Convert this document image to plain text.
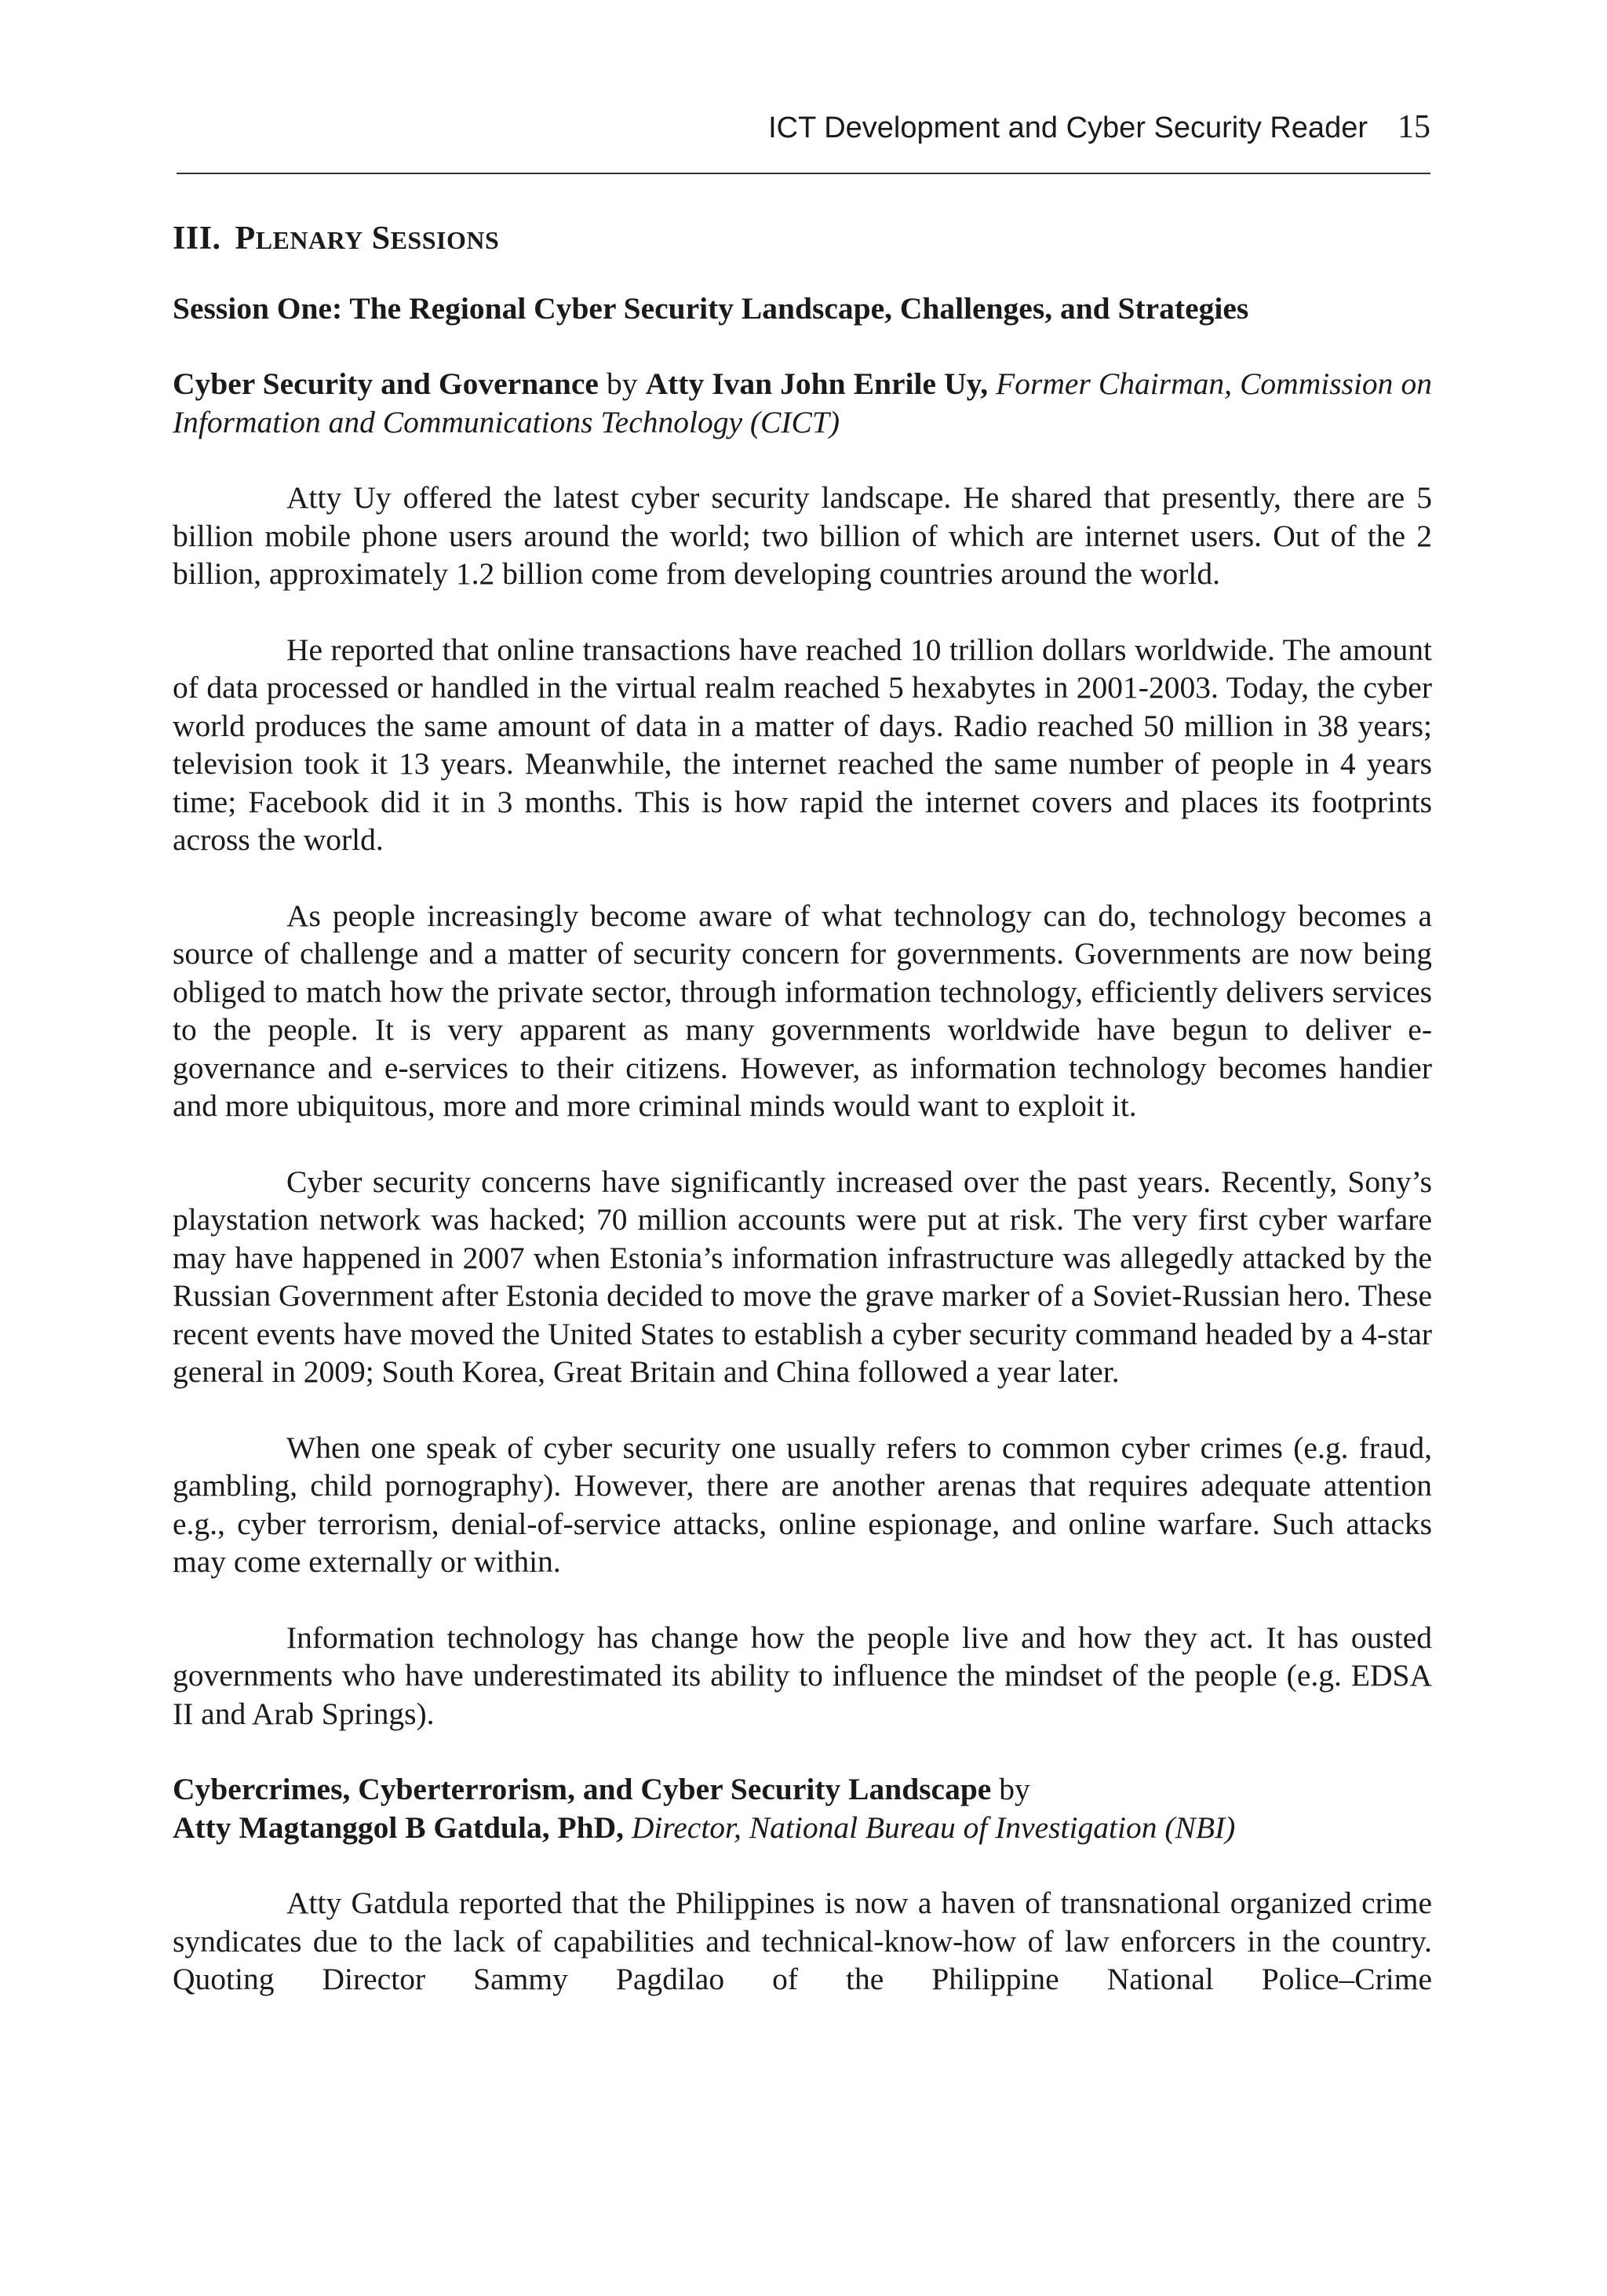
ICT Development and Cyber Security Reader 15
III. PLENARY SESSIONS
Session One: The Regional Cyber Security Landscape, Challenges, and Strategies
Cyber Security and Governance by Atty Ivan John Enrile Uy, Former Chairman, Commission on Information and Communications Technology (CICT)

Atty Uy offered the latest cyber security landscape. He shared that presently, there are 5 billion mobile phone users around the world; two billion of which are internet users. Out of the 2 billion, approximately 1.2 billion come from developing countries around the world.

He reported that online transactions have reached 10 trillion dollars worldwide. The amount of data processed or handled in the virtual realm reached 5 hexabytes in 2001-2003. Today, the cyber world produces the same amount of data in a matter of days. Radio reached 50 million in 38 years; television took it 13 years. Meanwhile, the internet reached the same number of people in 4 years time; Facebook did it in 3 months. This is how rapid the internet covers and places its footprints across the world.

As people increasingly become aware of what technology can do, technology becomes a source of challenge and a matter of security concern for governments. Governments are now being obliged to match how the private sector, through information technology, efficiently delivers services to the people. It is very apparent as many governments worldwide have begun to deliver e-governance and e-services to their citizens. However, as information technology becomes handier and more ubiquitous, more and more criminal minds would want to exploit it.

Cyber security concerns have significantly increased over the past years. Recently, Sony’s playstation network was hacked; 70 million accounts were put at risk. The very first cyber warfare may have happened in 2007 when Estonia’s information infrastructure was allegedly attacked by the Russian Government after Estonia decided to move the grave marker of a Soviet-Russian hero. These recent events have moved the United States to establish a cyber security command headed by a 4-star general in 2009; South Korea, Great Britain and China followed a year later.

When one speak of cyber security one usually refers to common cyber crimes (e.g. fraud, gambling, child pornography). However, there are another arenas that requires adequate attention e.g., cyber terrorism, denial-of-service attacks, online espionage, and online warfare. Such attacks may come externally or within.

Information technology has change how the people live and how they act. It has ousted governments who have underestimated its ability to influence the mindset of the people (e.g. EDSA II and Arab Springs).

Cybercrimes, Cyberterrorism, and Cyber Security Landscape by
Atty Magtanggol B Gatdula, PhD, Director, National Bureau of Investigation (NBI)

Atty Gatdula reported that the Philippines is now a haven of transnational organized crime syndicates due to the lack of capabilities and technical-know-how of law enforcers in the country. Quoting Director Sammy Pagdilao of the Philippine National Police–Crime
